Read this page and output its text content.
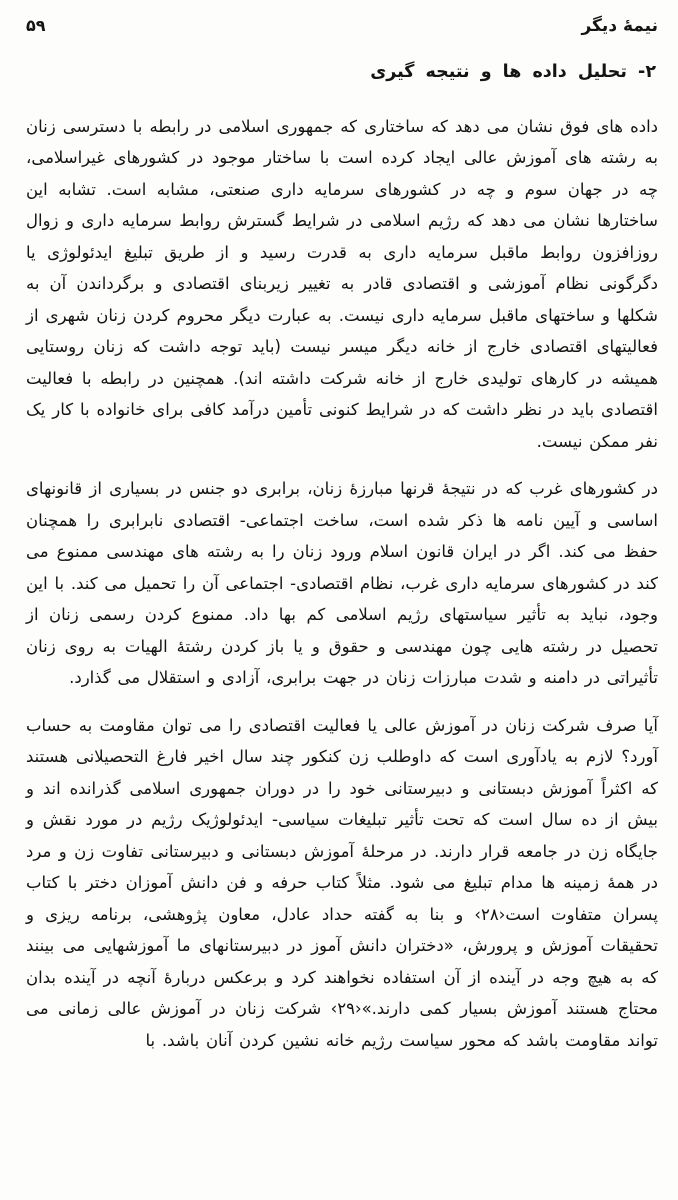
نیمهٔ دیگر
۵۹
۲- تحلیل داده ها و نتیجه گیری

داده های فوق نشان می دهد که ساختاری که جمهوری اسلامی در رابطه با دسترسی زنان به رشته های آموزش عالی ایجاد کرده است با ساختار موجود در کشورهای غیراسلامی، چه در جهان سوم و چه در کشورهای سرمایه داری صنعتی، مشابه است. تشابه این ساختارها نشان می دهد که رژیم اسلامی در شرایط گسترش روابط سرمایه داری و زوال روزافزون روابط ماقبل سرمایه داری به قدرت رسید و از طریق تبلیغ ایدئولوژی یا دگرگونی نظام آموزشی و اقتصادی قادر به تغییر زیربنای اقتصادی و برگرداندن آن به شکلها و ساختهای ماقبل سرمایه داری نیست. به عبارت دیگر محروم کردن زنان شهری از فعالیتهای اقتصادی خارج از خانه دیگر میسر نیست (باید توجه داشت که زنان روستایی همیشه در کارهای تولیدی خارج از خانه شرکت داشته اند). همچنین در رابطه با فعالیت اقتصادی باید در نظر داشت که در شرایط کنونی تأمین درآمد کافی برای خانواده با کار یک نفر ممکن نیست.

در کشورهای غرب که در نتیجهٔ قرنها مبارزهٔ زنان، برابری دو جنس در بسیاری از قانونهای اساسی و آیین نامه ها ذکر شده است، ساخت اجتماعی- اقتصادی نابرابری را همچنان حفظ می کند. اگر در ایران قانون اسلام ورود زنان را به رشته های مهندسی ممنوع می کند در کشورهای سرمایه داری غرب، نظام اقتصادی- اجتماعی آن را تحمیل می کند. با این وجود، نباید به تأثیر سیاستهای رژیم اسلامی کم بها داد. ممنوع کردن رسمی زنان از تحصیل در رشته هایی چون مهندسی و حقوق و یا باز کردن رشتهٔ الهیات به روی زنان تأثیراتی در دامنه و شدت مبارزات زنان در جهت برابری، آزادی و استقلال می گذارد.

آیا صرف شرکت زنان در آموزش عالی یا فعالیت اقتصادی را می توان مقاومت به حساب آورد؟ لازم به یادآوری است که داوطلب زن کنکور چند سال اخیر فارغ التحصیلانی هستند که اکثراً آموزش دبستانی و دبیرستانی خود را در دوران جمهوری اسلامی گذرانده اند و بیش از ده سال است که تحت تأثیر تبلیغات سیاسی- ایدئولوژیک رژیم در مورد نقش و جایگاه زن در جامعه قرار دارند. در مرحلهٔ آموزش دبستانی و دبیرستانی تفاوت زن و مرد در همهٔ زمینه ها مدام تبلیغ می شود. مثلاً کتاب حرفه و فن دانش آموزان دختر با کتاب پسران متفاوت است‹۲۸› و بنا به گفته حداد عادل، معاون پژوهشی، برنامه ریزی و تحقیقات آموزش و پرورش، «دختران دانش آموز در دبیرستانهای ما آموزشهایی می بینند که به هیچ وجه در آینده از آن استفاده نخواهند کرد و برعکس دربارهٔ آنچه در آینده بدان محتاج هستند آموزش بسیار کمی دارند.»‹۲۹› شرکت زنان در آموزش عالی زمانی می تواند مقاومت باشد که محور سیاست رژیم خانه نشین کردن آنان باشد. با
